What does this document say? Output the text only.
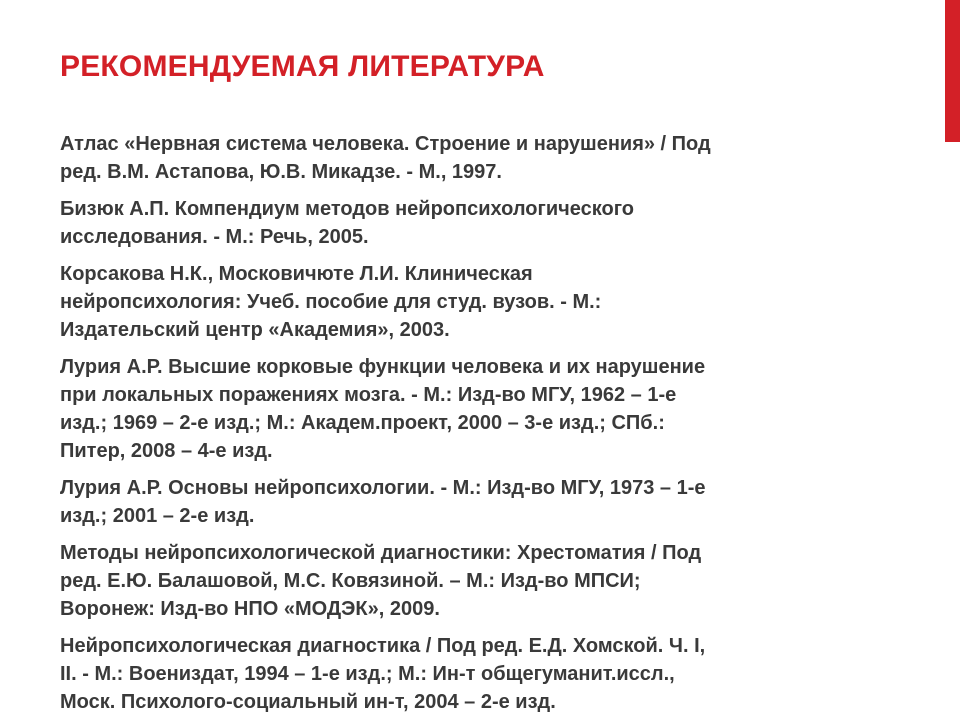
РЕКОМЕНДУЕМАЯ ЛИТЕРАТУРА
Атлас «Нервная система человека. Строение и нарушения» / Под
ред. В.М. Астапова, Ю.В. Микадзе. - М., 1997.
Бизюк А.П. Компендиум методов нейропсихологического
исследования. - М.: Речь, 2005.
Корсакова Н.К., Московичюте Л.И. Клиническая
нейропсихология: Учеб. пособие для студ. вузов. - М.:
Издательский центр «Академия», 2003.
Лурия А.Р. Высшие корковые функции человека и их нарушение
при локальных поражениях мозга. - М.: Изд-во МГУ, 1962 – 1-е
изд.; 1969 – 2-е изд.; М.: Академ.проект, 2000 – 3-е изд.; СПб.:
Питер, 2008 – 4-е изд.
Лурия А.Р. Основы нейропсихологии. - М.: Изд-во МГУ, 1973 – 1-е
изд.; 2001 – 2-е изд.
Методы нейропсихологической диагностики: Хрестоматия / Под
ред. Е.Ю. Балашовой, М.С. Ковязиной. – М.: Изд-во МПСИ;
Воронеж: Изд-во НПО «МОДЭК», 2009.
Нейропсихологическая диагностика / Под ред. Е.Д. Хомской. Ч. I,
II. - М.: Воениздат, 1994 – 1-е изд.; М.: Ин-т общегуманит.иссл.,
Моск. Психолого-социальный ин-т, 2004 – 2-е изд.
